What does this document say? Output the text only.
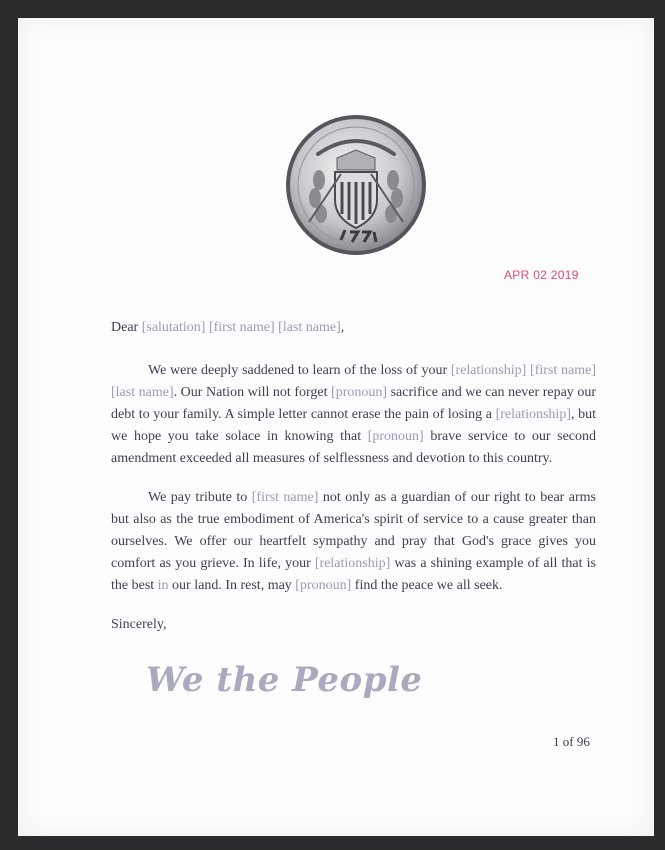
APR 02 2019
Dear [salutation] [first name] [last name],
We were deeply saddened to learn of the loss of your [relationship] [first name] [last name]. Our Nation will not forget [pronoun] sacrifice and we can never repay our debt to your family. A simple letter cannot erase the pain of losing a [relationship], but we hope you take solace in knowing that [pronoun] brave service to our second amendment exceeded all measures of selflessness and devotion to this country.
We pay tribute to [first name] not only as a guardian of our right to bear arms but also as the true embodiment of America's spirit of service to a cause greater than ourselves. We offer our heartfelt sympathy and pray that God's grace gives you comfort as you grieve. In life, your [relationship] was a shining example of all that is the best in our land. In rest, may [pronoun] find the peace we all seek.
Sincerely,
We the People
1 of 96
